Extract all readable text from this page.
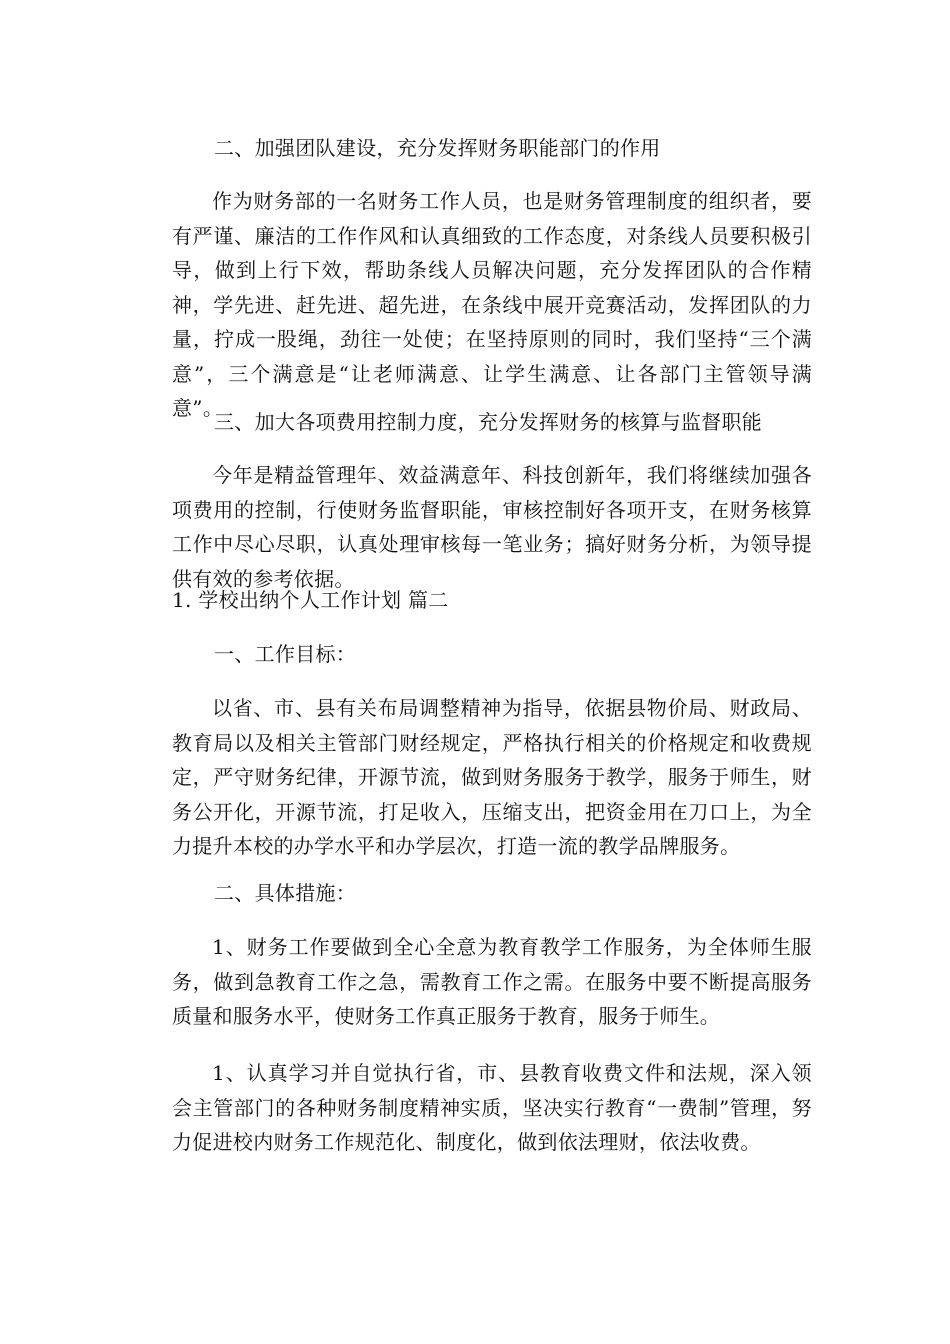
二、加强团队建设，充分发挥财务职能部门的作用
作为财务部的一名财务工作人员，也是财务管理制度的组织者，要有严谨、廉洁的工作作风和认真细致的工作态度，对条线人员要积极引导，做到上行下效，帮助条线人员解决问题，充分发挥团队的合作精神，学先进、赶先进、超先进，在条线中展开竞赛活动，发挥团队的力量，拧成一股绳，劲往一处使；在坚持原则的同时，我们坚持“三个满意”，三个满意是“让老师满意、让学生满意、让各部门主管领导满意”。
三、加大各项费用控制力度，充分发挥财务的核算与监督职能
今年是精益管理年、效益满意年、科技创新年，我们将继续加强各项费用的控制，行使财务监督职能，审核控制好各项开支，在财务核算工作中尽心尽职，认真处理审核每一笔业务；搞好财务分析，为领导提供有效的参考依据。
1. 学校出纳个人工作计划 篇二
一、工作目标：
以省、市、县有关布局调整精神为指导，依据县物价局、财政局、教育局以及相关主管部门财经规定，严格执行相关的价格规定和收费规定，严守财务纪律，开源节流，做到财务服务于教学，服务于师生，财务公开化，开源节流，打足收入，压缩支出，把资金用在刀口上，为全力提升本校的办学水平和办学层次，打造一流的教学品牌服务。
二、具体措施：
1、财务工作要做到全心全意为教育教学工作服务，为全体师生服务，做到急教育工作之急，需教育工作之需。在服务中要不断提高服务质量和服务水平，使财务工作真正服务于教育，服务于师生。
1、认真学习并自觉执行省，市、县教育收费文件和法规，深入领会主管部门的各种财务制度精神实质，坚决实行教育“一费制”管理，努力促进校内财务工作规范化、制度化，做到依法理财，依法收费。
